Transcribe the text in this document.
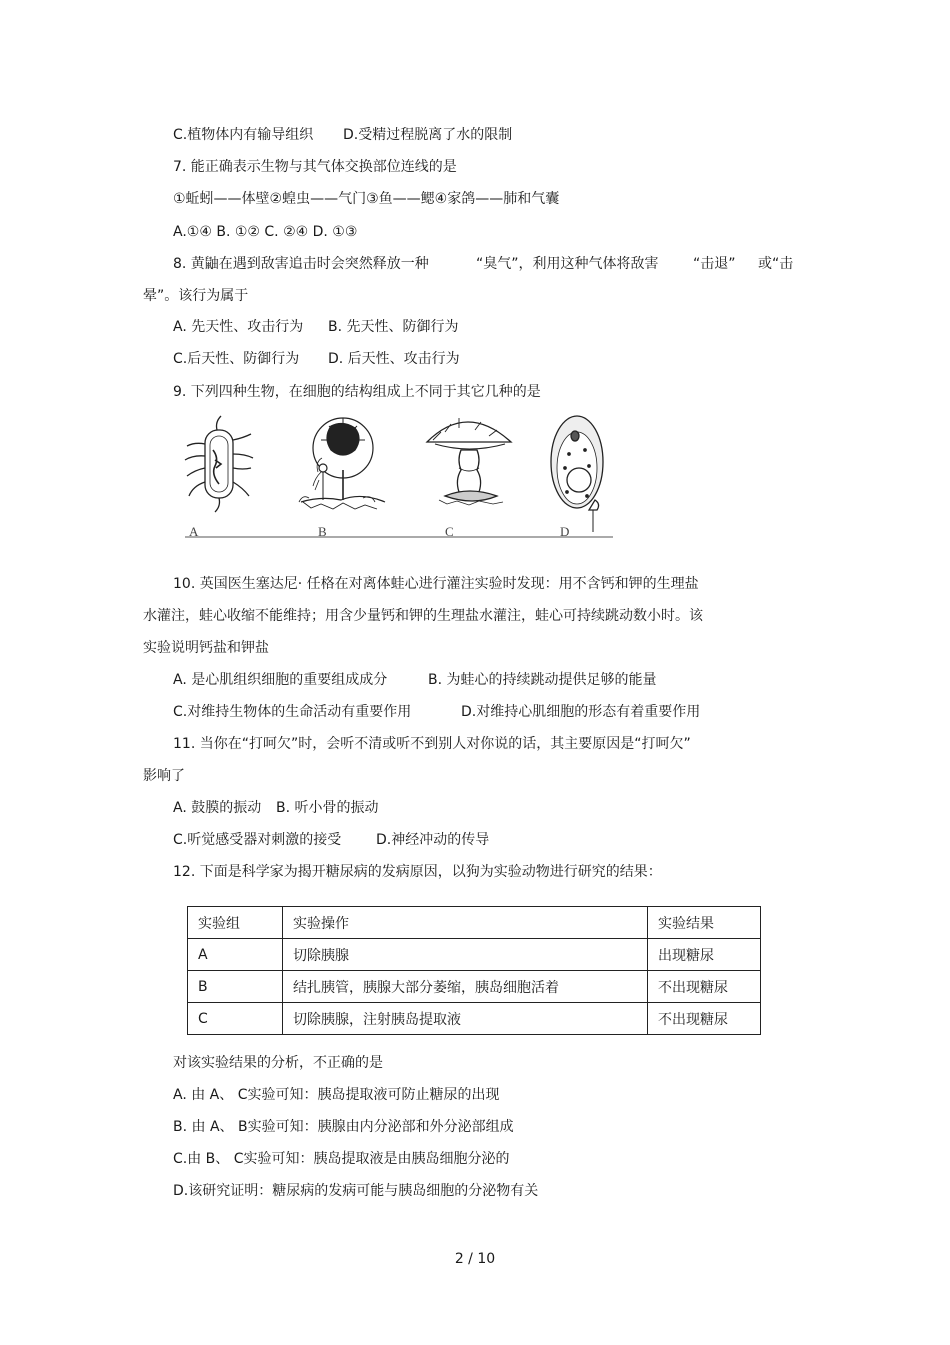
C.植物体内有输导组织 D.受精过程脱离了水的限制
7. 能正确表示生物与其气体交换部位连线的是
①蚯蚓——体壁②蝗虫——气门③鱼——鳃④家鸽——肺和气囊
A.①④ B. ①② C. ②④ D. ①③
8. 黄鼬在遇到敌害追击时会突然释放一种	“臭气”，利用这种气体将敌害 “击退” 或“击
晕”。该行为属于
A. 先天性、攻击行为 B. 先天性、防御行为
C.后天性、防御行为 D. 后天性、攻击行为
9. 下列四种生物，在细胞的结构组成上不同于其它几种的是
A	B	C	D
10. 英国医生塞达尼· 任格在对离体蛙心进行灌注实验时发现：用不含钙和钾的生理盐
水灌注，蛙心收缩不能维持；用含少量钙和钾的生理盐水灌注，蛙心可持续跳动数小时。该
实验说明钙盐和钾盐
A. 是心肌组织细胞的重要组成成分	B. 为蛙心的持续跳动提供足够的能量
C.对维持生物体的生命活动有重要作用	D.对维持心肌细胞的形态有着重要作用
11. 当你在“打呵欠”时，会听不清或听不到别人对你说的话，其主要原因是“打呵欠”
影响了
A. 鼓膜的振动 B. 听小骨的振动
C.听觉感受器对刺激的接受 D.神经冲动的传导
12. 下面是科学家为揭开糖尿病的发病原因，以狗为实验动物进行研究的结果：
实验组	实验操作	实验结果
A	切除胰腺	出现糖尿
B	结扎胰管，胰腺大部分萎缩，胰岛细胞活着	不出现糖尿
C	切除胰腺，注射胰岛提取液	不出现糖尿
对该实验结果的分析，不正确的是
A. 由 A、 C实验可知：胰岛提取液可防止糖尿的出现
B. 由 A、 B实验可知：胰腺由内分泌部和外分泌部组成
C.由 B、 C实验可知：胰岛提取液是由胰岛细胞分泌的
D.该研究证明：糖尿病的发病可能与胰岛细胞的分泌物有关
2 / 10
